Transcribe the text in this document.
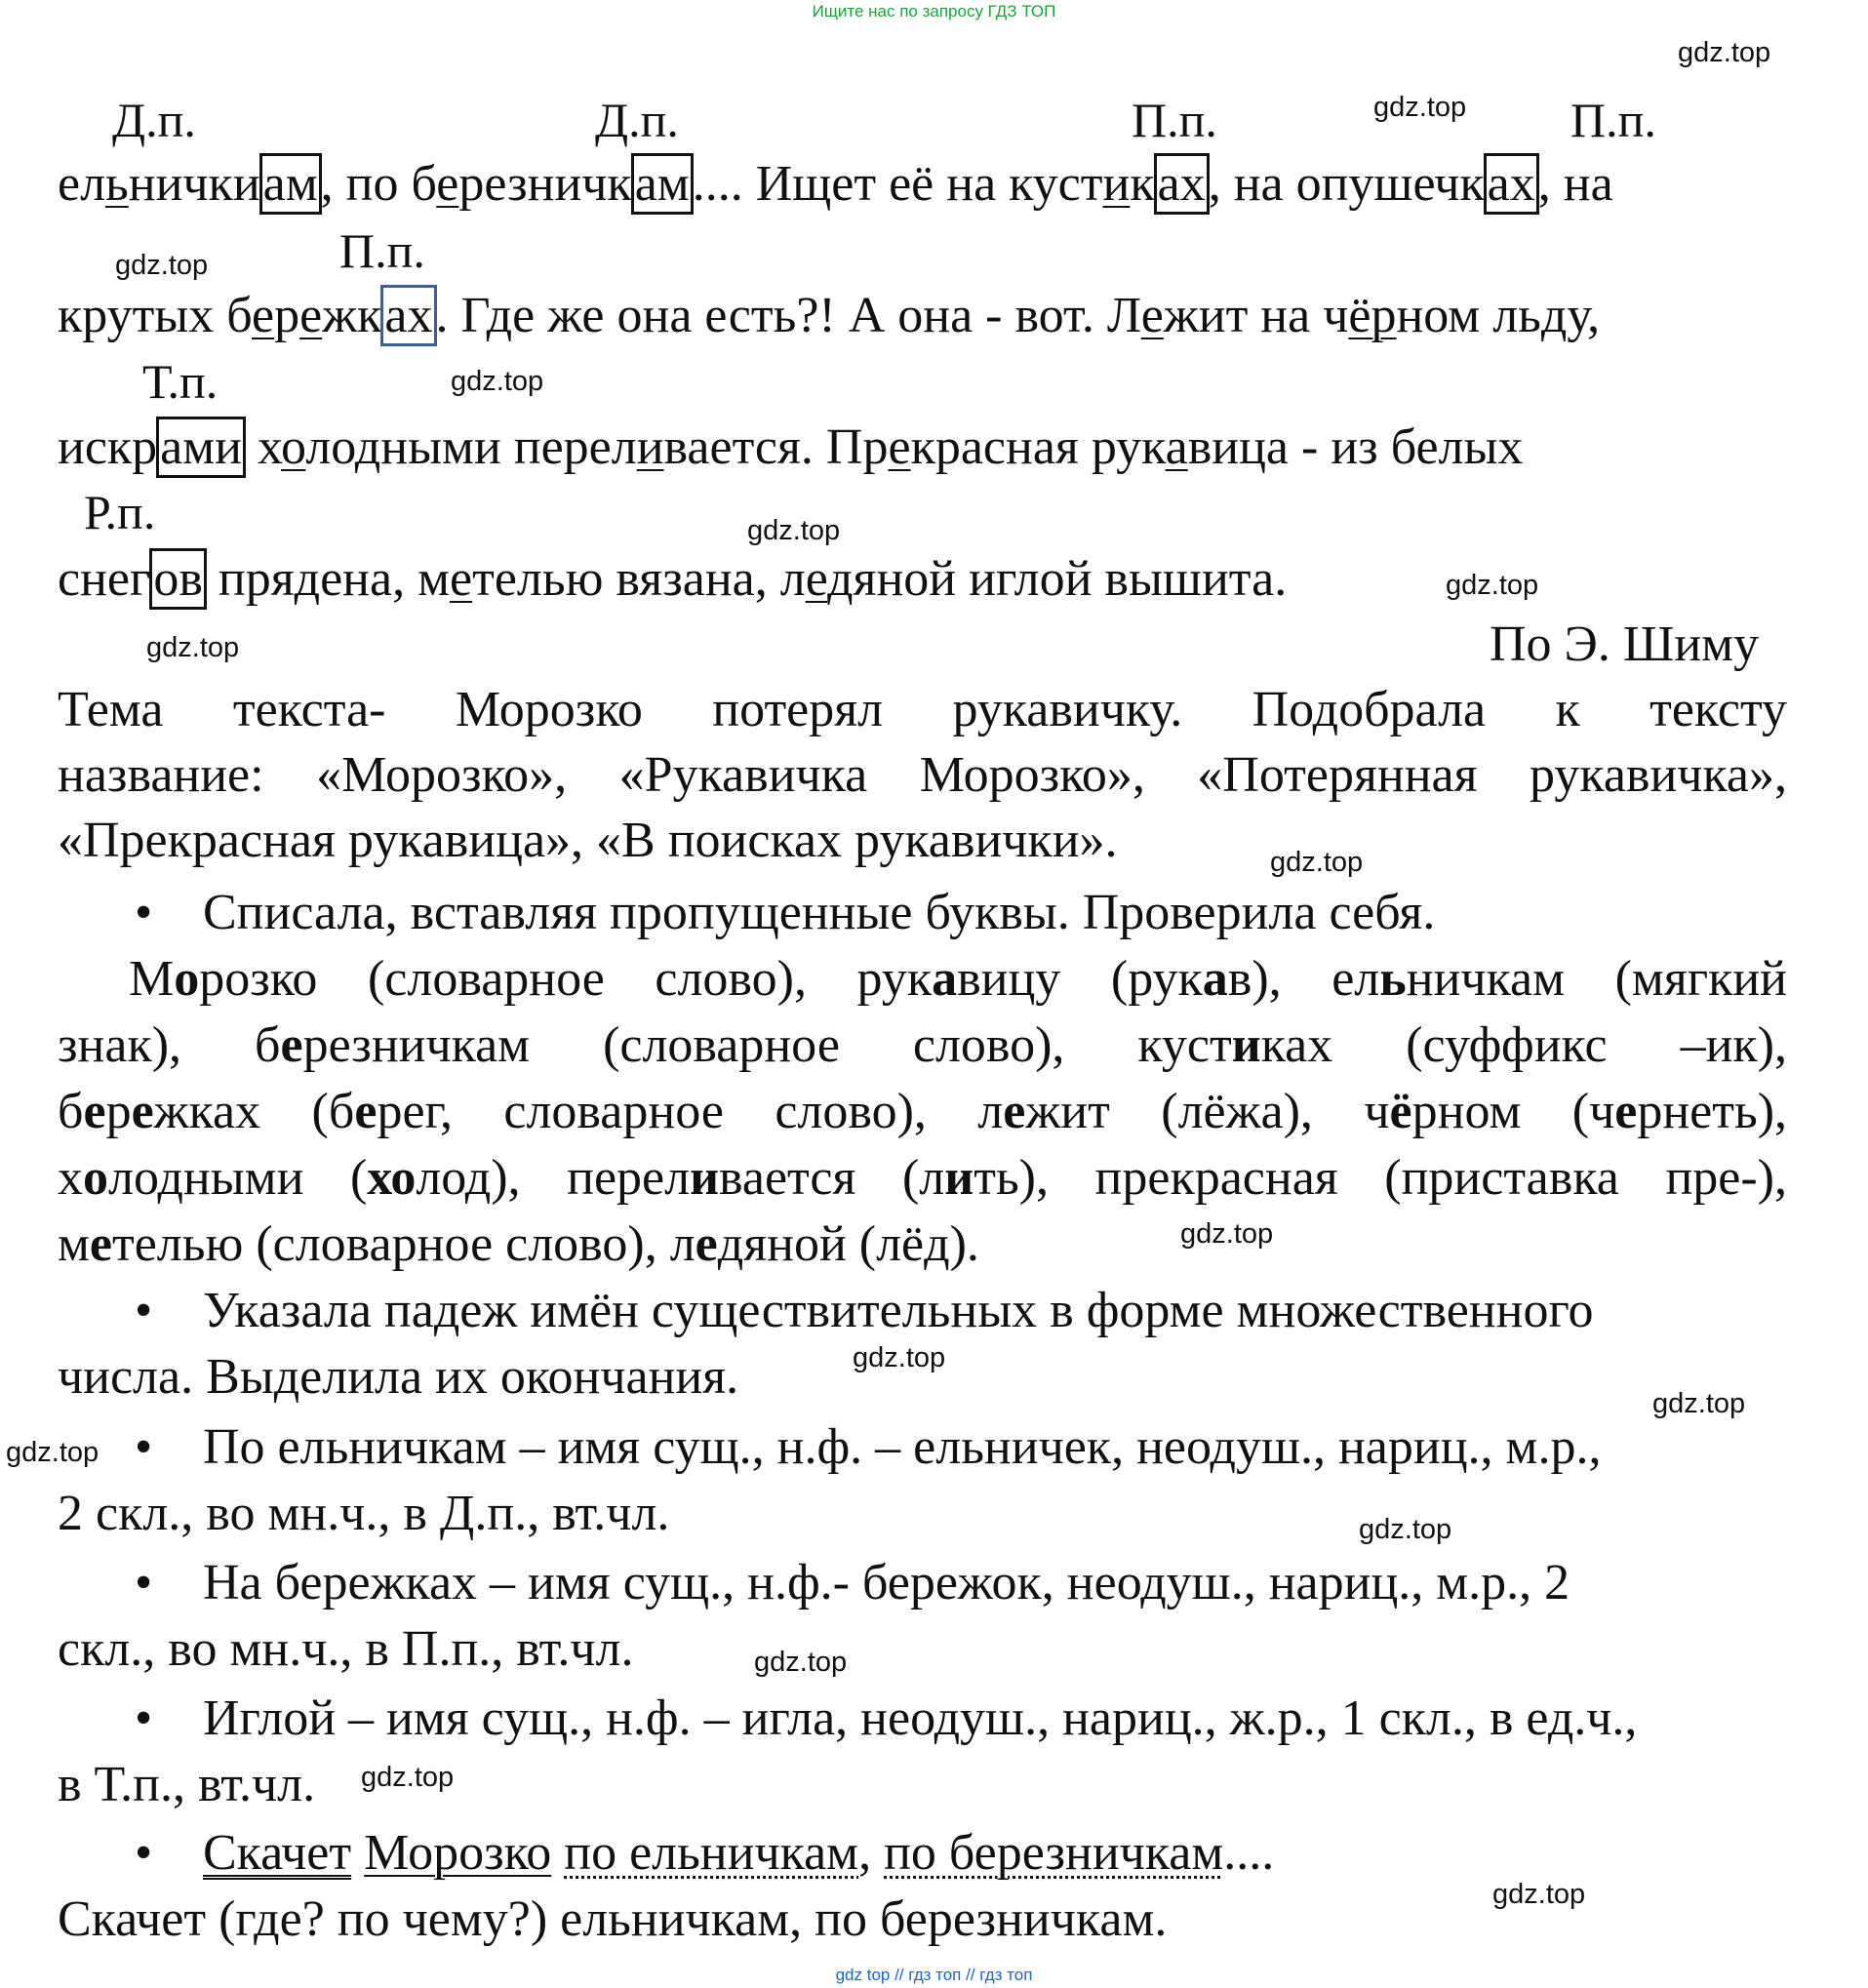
Ищите нас по запросу ГДЗ ТОП
gdz.top
gdz.top
gdz.top
gdz.top
gdz.top
gdz.top
gdz.top
gdz.top
gdz.top
gdz.top
gdz.top
gdz.top
gdz.top
gdz.top
gdz.top
gdz.top
Д.п.	Д.п.	П.п.	П.п.
П.п.
Т.п.
Р.п.
ельничкиам, по березничкам.... Ищет её на кустиках, на опушечках, на
крутых бережках. Где же она есть?! А она - вот. Лежит на чёрном льду,
искрами холодными переливается. Прекрасная рукавица - из белых
снегов прядена, метелью вязана, ледяной иглой вышита.
По Э. Шиму
Тема текста- Морозко потерял рукавичку. Подобрала к тексту
название: «Морозко», «Рукавичка Морозко», «Потерянная рукавичка»,
«Прекрасная рукавица», «В поисках рукавички».
• Списала, вставляя пропущенные буквы. Проверила себя.
Морозко (словарное слово), рукавицу (рукав), ельничкам (мягкий
знак), березничкам (словарное слово), кустиках (суффикс –ик),
бережках (берег, словарное слово), лежит (лёжа), чёрном (чернеть),
холодными (холод), переливается (лить), прекрасная (приставка пре-),
метелью (словарное слово), ледяной (лёд).
• Указала падеж имён существительных в форме множественного
числа. Выделила их окончания.
• По ельничкам – имя сущ., н.ф. – ельничек, неодуш., нариц., м.р.,
2 скл., во мн.ч., в Д.п., вт.чл.
• На бережках – имя сущ., н.ф.- бережок, неодуш., нариц., м.р., 2
скл., во мн.ч., в П.п., вт.чл.
• Иглой – имя сущ., н.ф. – игла, неодуш., нариц., ж.р., 1 скл., в ед.ч.,
в Т.п., вт.чл.
• Скачет Морозко по ельничкам, по березничкам....
Скачет (где? по чему?) ельничкам, по березничкам.
gdz top // гдз топ // гдз топ
